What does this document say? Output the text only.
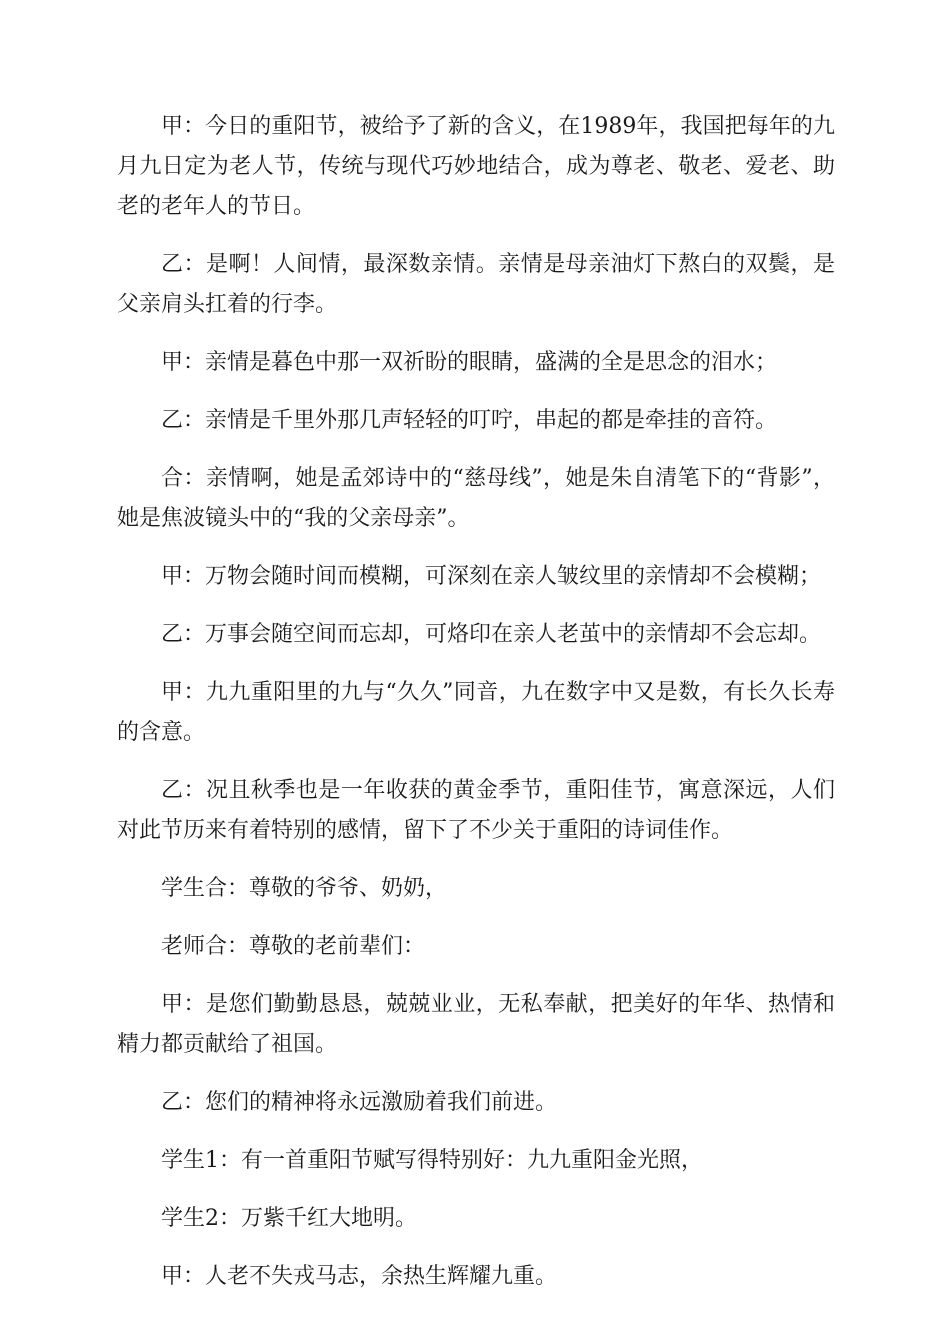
甲：今日的重阳节，被给予了新的含义，在1989年，我国把每年的九月九日定为老人节，传统与现代巧妙地结合，成为尊老、敬老、爱老、助老的老年人的节日。

乙：是啊！人间情，最深数亲情。亲情是母亲油灯下熬白的双鬓，是父亲肩头扛着的行李。

甲：亲情是暮色中那一双祈盼的眼睛，盛满的全是思念的泪水；

乙：亲情是千里外那几声轻轻的叮咛，串起的都是牵挂的音符。

合：亲情啊，她是孟郊诗中的“慈母线”，她是朱自清笔下的“背影”，她是焦波镜头中的“我的父亲母亲”。

甲：万物会随时间而模糊，可深刻在亲人皱纹里的亲情却不会模糊；

乙：万事会随空间而忘却，可烙印在亲人老茧中的亲情却不会忘却。

甲：九九重阳里的九与“久久”同音，九在数字中又是数，有长久长寿的含意。

乙：况且秋季也是一年收获的黄金季节，重阳佳节，寓意深远，人们对此节历来有着特别的感情，留下了不少关于重阳的诗词佳作。

学生合：尊敬的爷爷、奶奶，

老师合：尊敬的老前辈们：

甲：是您们勤勤恳恳，兢兢业业，无私奉献，把美好的年华、热情和精力都贡献给了祖国。

乙：您们的精神将永远激励着我们前进。

学生1：有一首重阳节赋写得特别好：九九重阳金光照，

学生2：万紫千红大地明。

甲：人老不失戎马志，余热生辉耀九重。
